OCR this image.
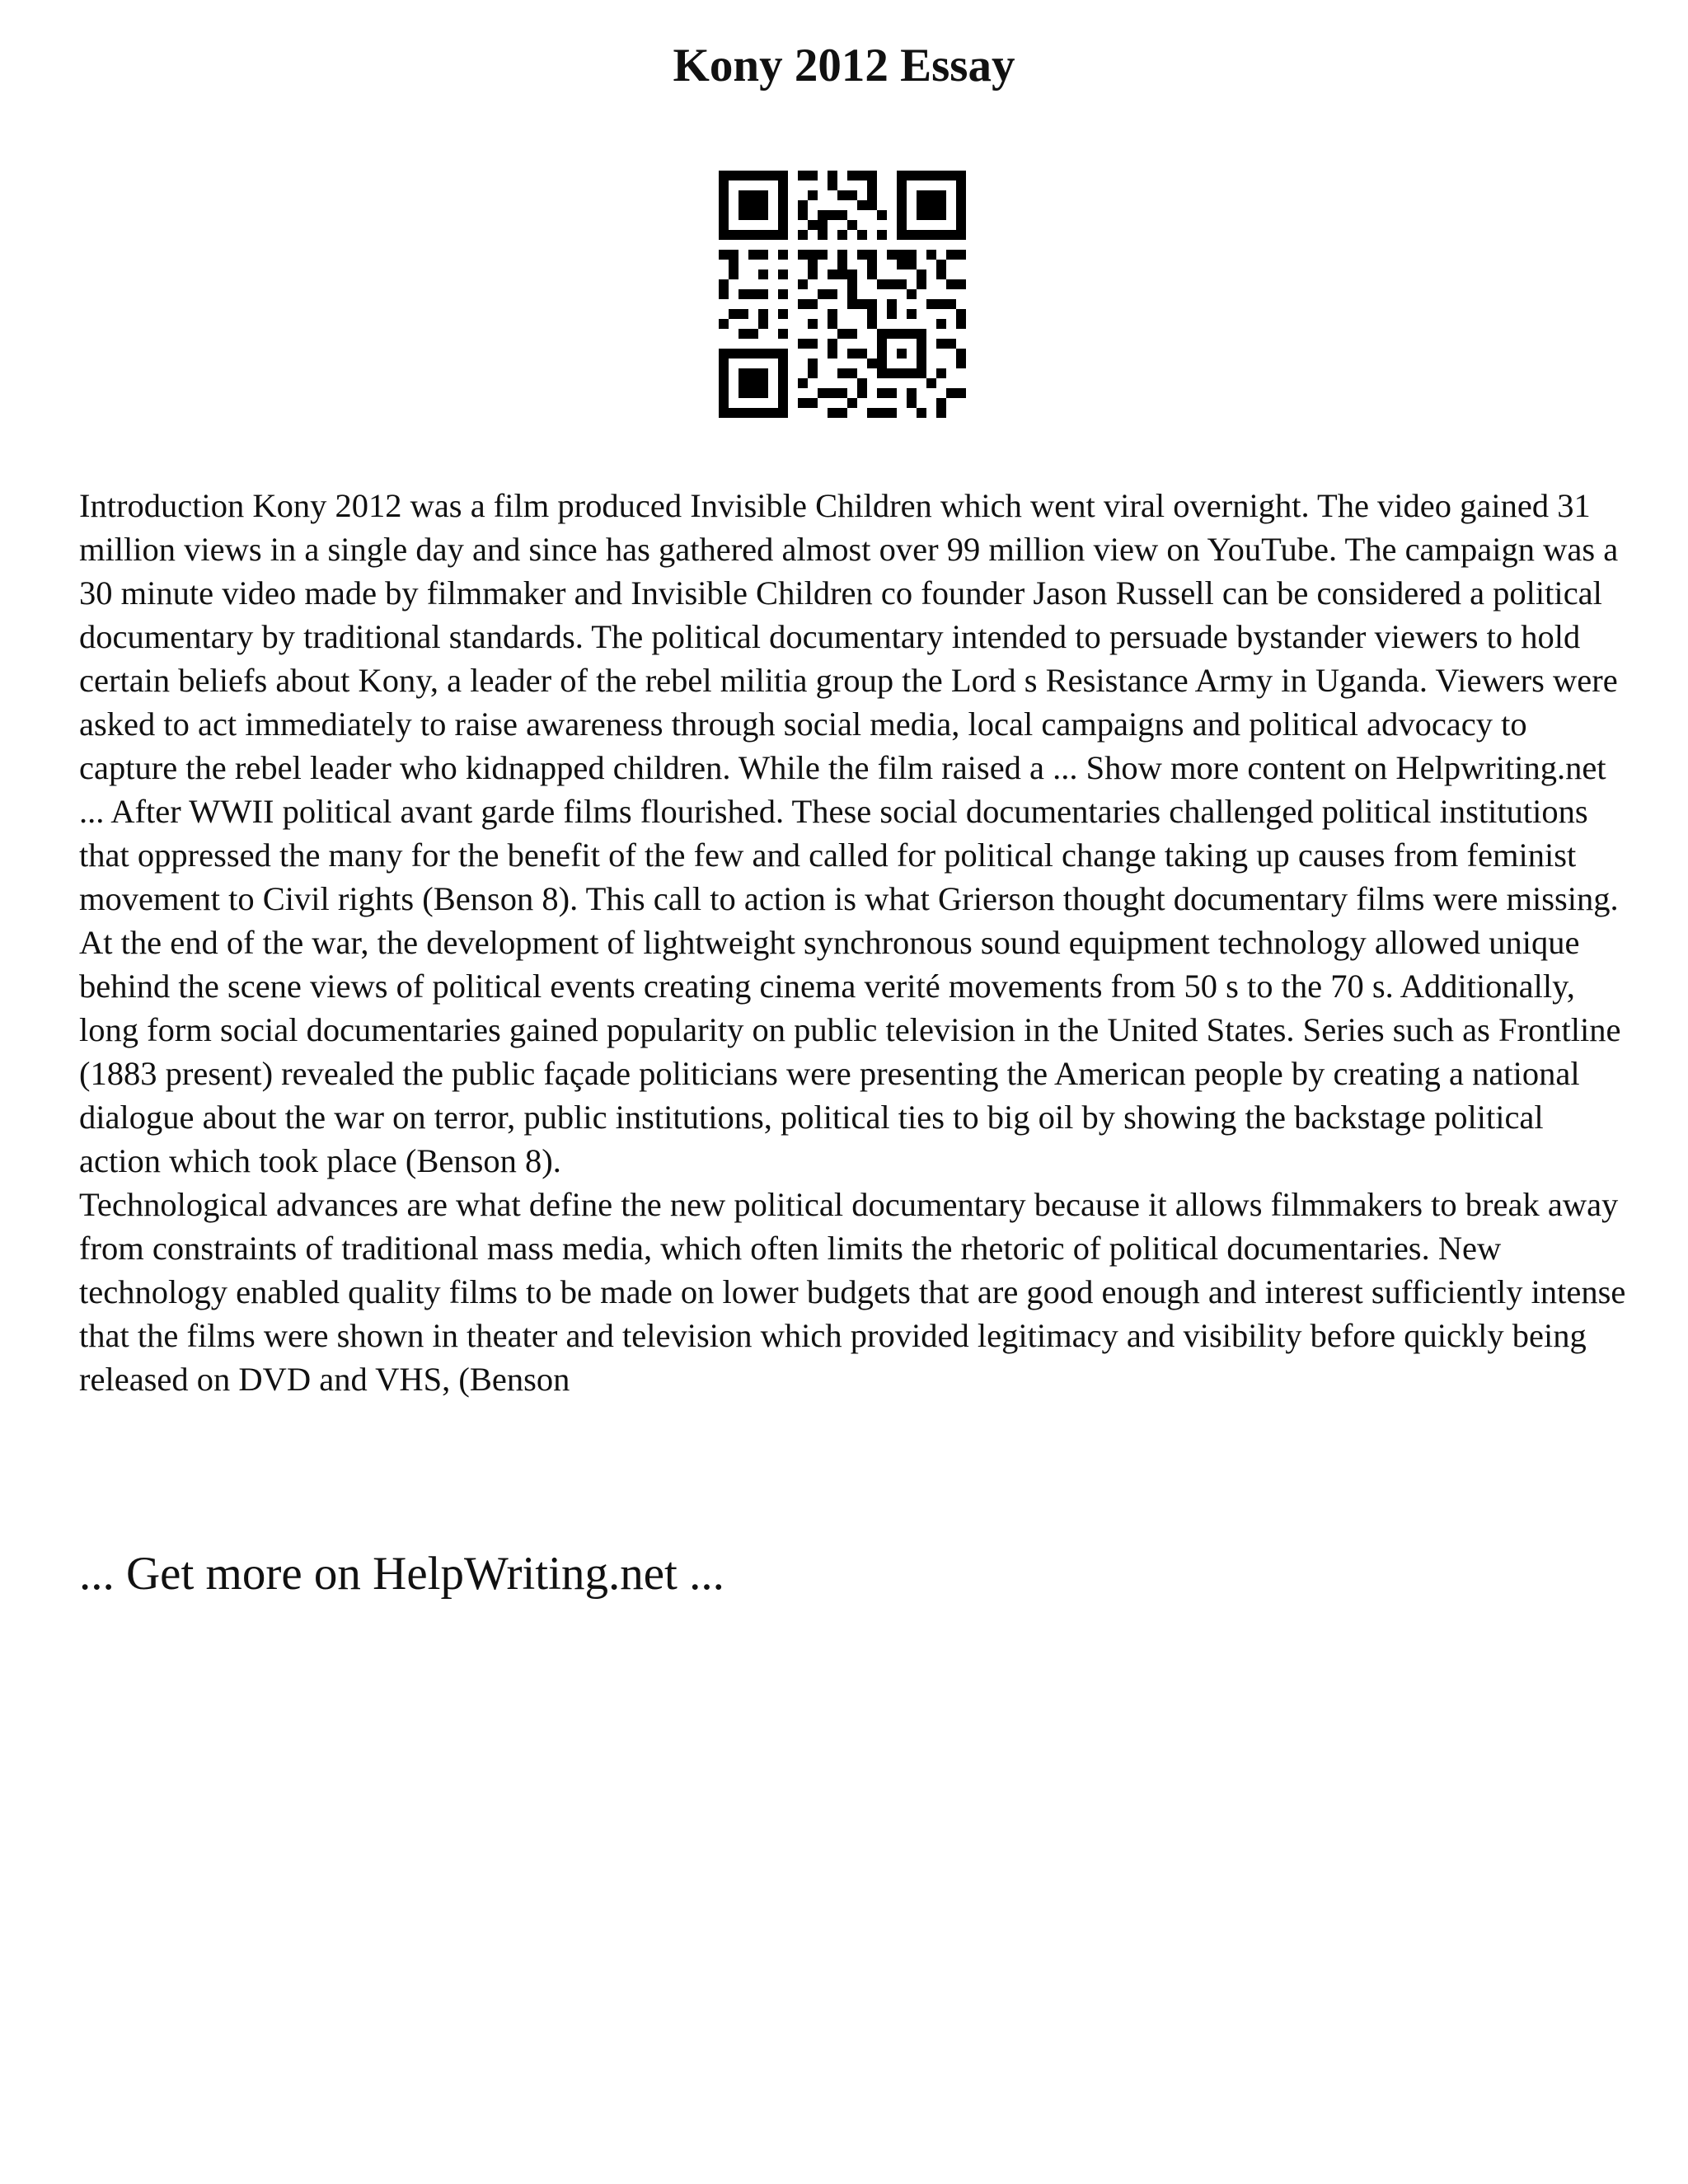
Kony 2012 Essay

Introduction Kony 2012 was a film produced Invisible Children which went viral overnight. The video gained 31 million views in a single day and since has gathered almost over 99 million view on YouTube. The campaign was a 30 minute video made by filmmaker and Invisible Children co founder Jason Russell can be considered a political documentary by traditional standards. The political documentary intended to persuade bystander viewers to hold certain beliefs about Kony, a leader of the rebel militia group the Lord s Resistance Army in Uganda. Viewers were asked to act immediately to raise awareness through social media, local campaigns and political advocacy to capture the rebel leader who kidnapped children. While the film raised a ... Show more content on Helpwriting.net ... After WWII political avant garde films flourished. These social documentaries challenged political institutions that oppressed the many for the benefit of the few and called for political change taking up causes from feminist movement to Civil rights (Benson 8). This call to action is what Grierson thought documentary films were missing.

At the end of the war, the development of lightweight synchronous sound equipment technology allowed unique behind the scene views of political events creating cinema verité movements from 50 s to the 70 s. Additionally, long form social documentaries gained popularity on public television in the United States. Series such as Frontline (1883 present) revealed the public façade politicians were presenting the American people by creating a national dialogue about the war on terror, public institutions, political ties to big oil by showing the backstage political action which took place (Benson 8).

Technological advances are what define the new political documentary because it allows filmmakers to break away from constraints of traditional mass media, which often limits the rhetoric of political documentaries. New technology enabled quality films to be made on lower budgets that are good enough and interest sufficiently intense that the films were shown in theater and television which provided legitimacy and visibility before quickly being released on DVD and VHS, (Benson

... Get more on HelpWriting.net ...
